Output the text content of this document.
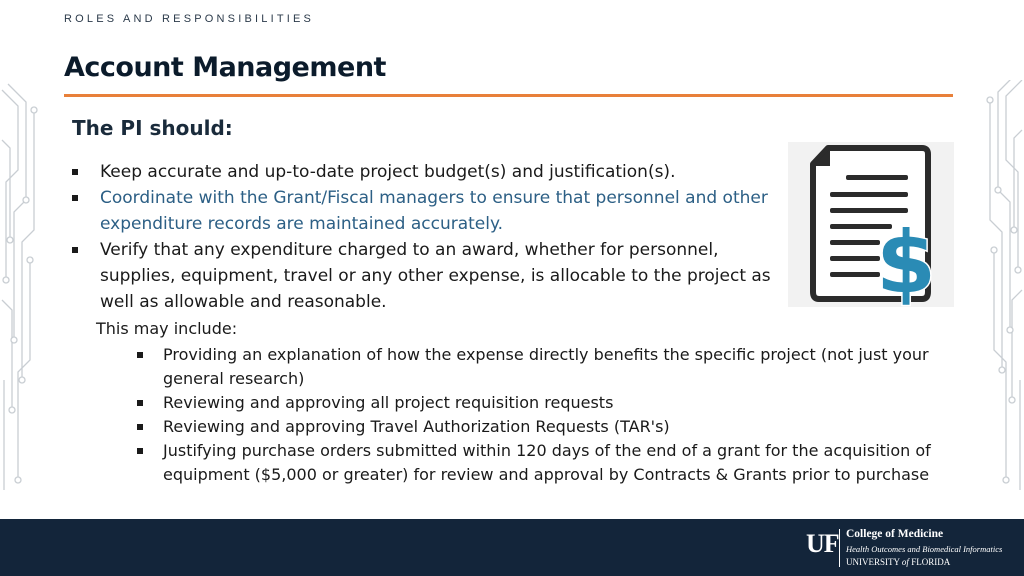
ROLES AND RESPONSIBILITIES
Account Management
The PI should:
Keep accurate and up-to-date project budget(s) and justification(s).
Coordinate with the Grant/Fiscal managers to ensure that personnel and other expenditure records are maintained accurately.
Verify that any expenditure charged to an award, whether for personnel, supplies, equipment, travel or any other expense, is allocable to the project as well as allowable and reasonable.
This may include:
Providing an explanation of how the expense directly benefits the specific project (not just your general research)
Reviewing and approving all project requisition requests
Reviewing and approving Travel Authorization Requests (TAR's)
Justifying purchase orders submitted within 120 days of the end of a grant for the acquisition of equipment ($5,000 or greater) for review and approval by Contracts & Grants prior to purchase
$
UF College of Medicine
Health Outcomes and Biomedical Informatics
UNIVERSITY of FLORIDA
